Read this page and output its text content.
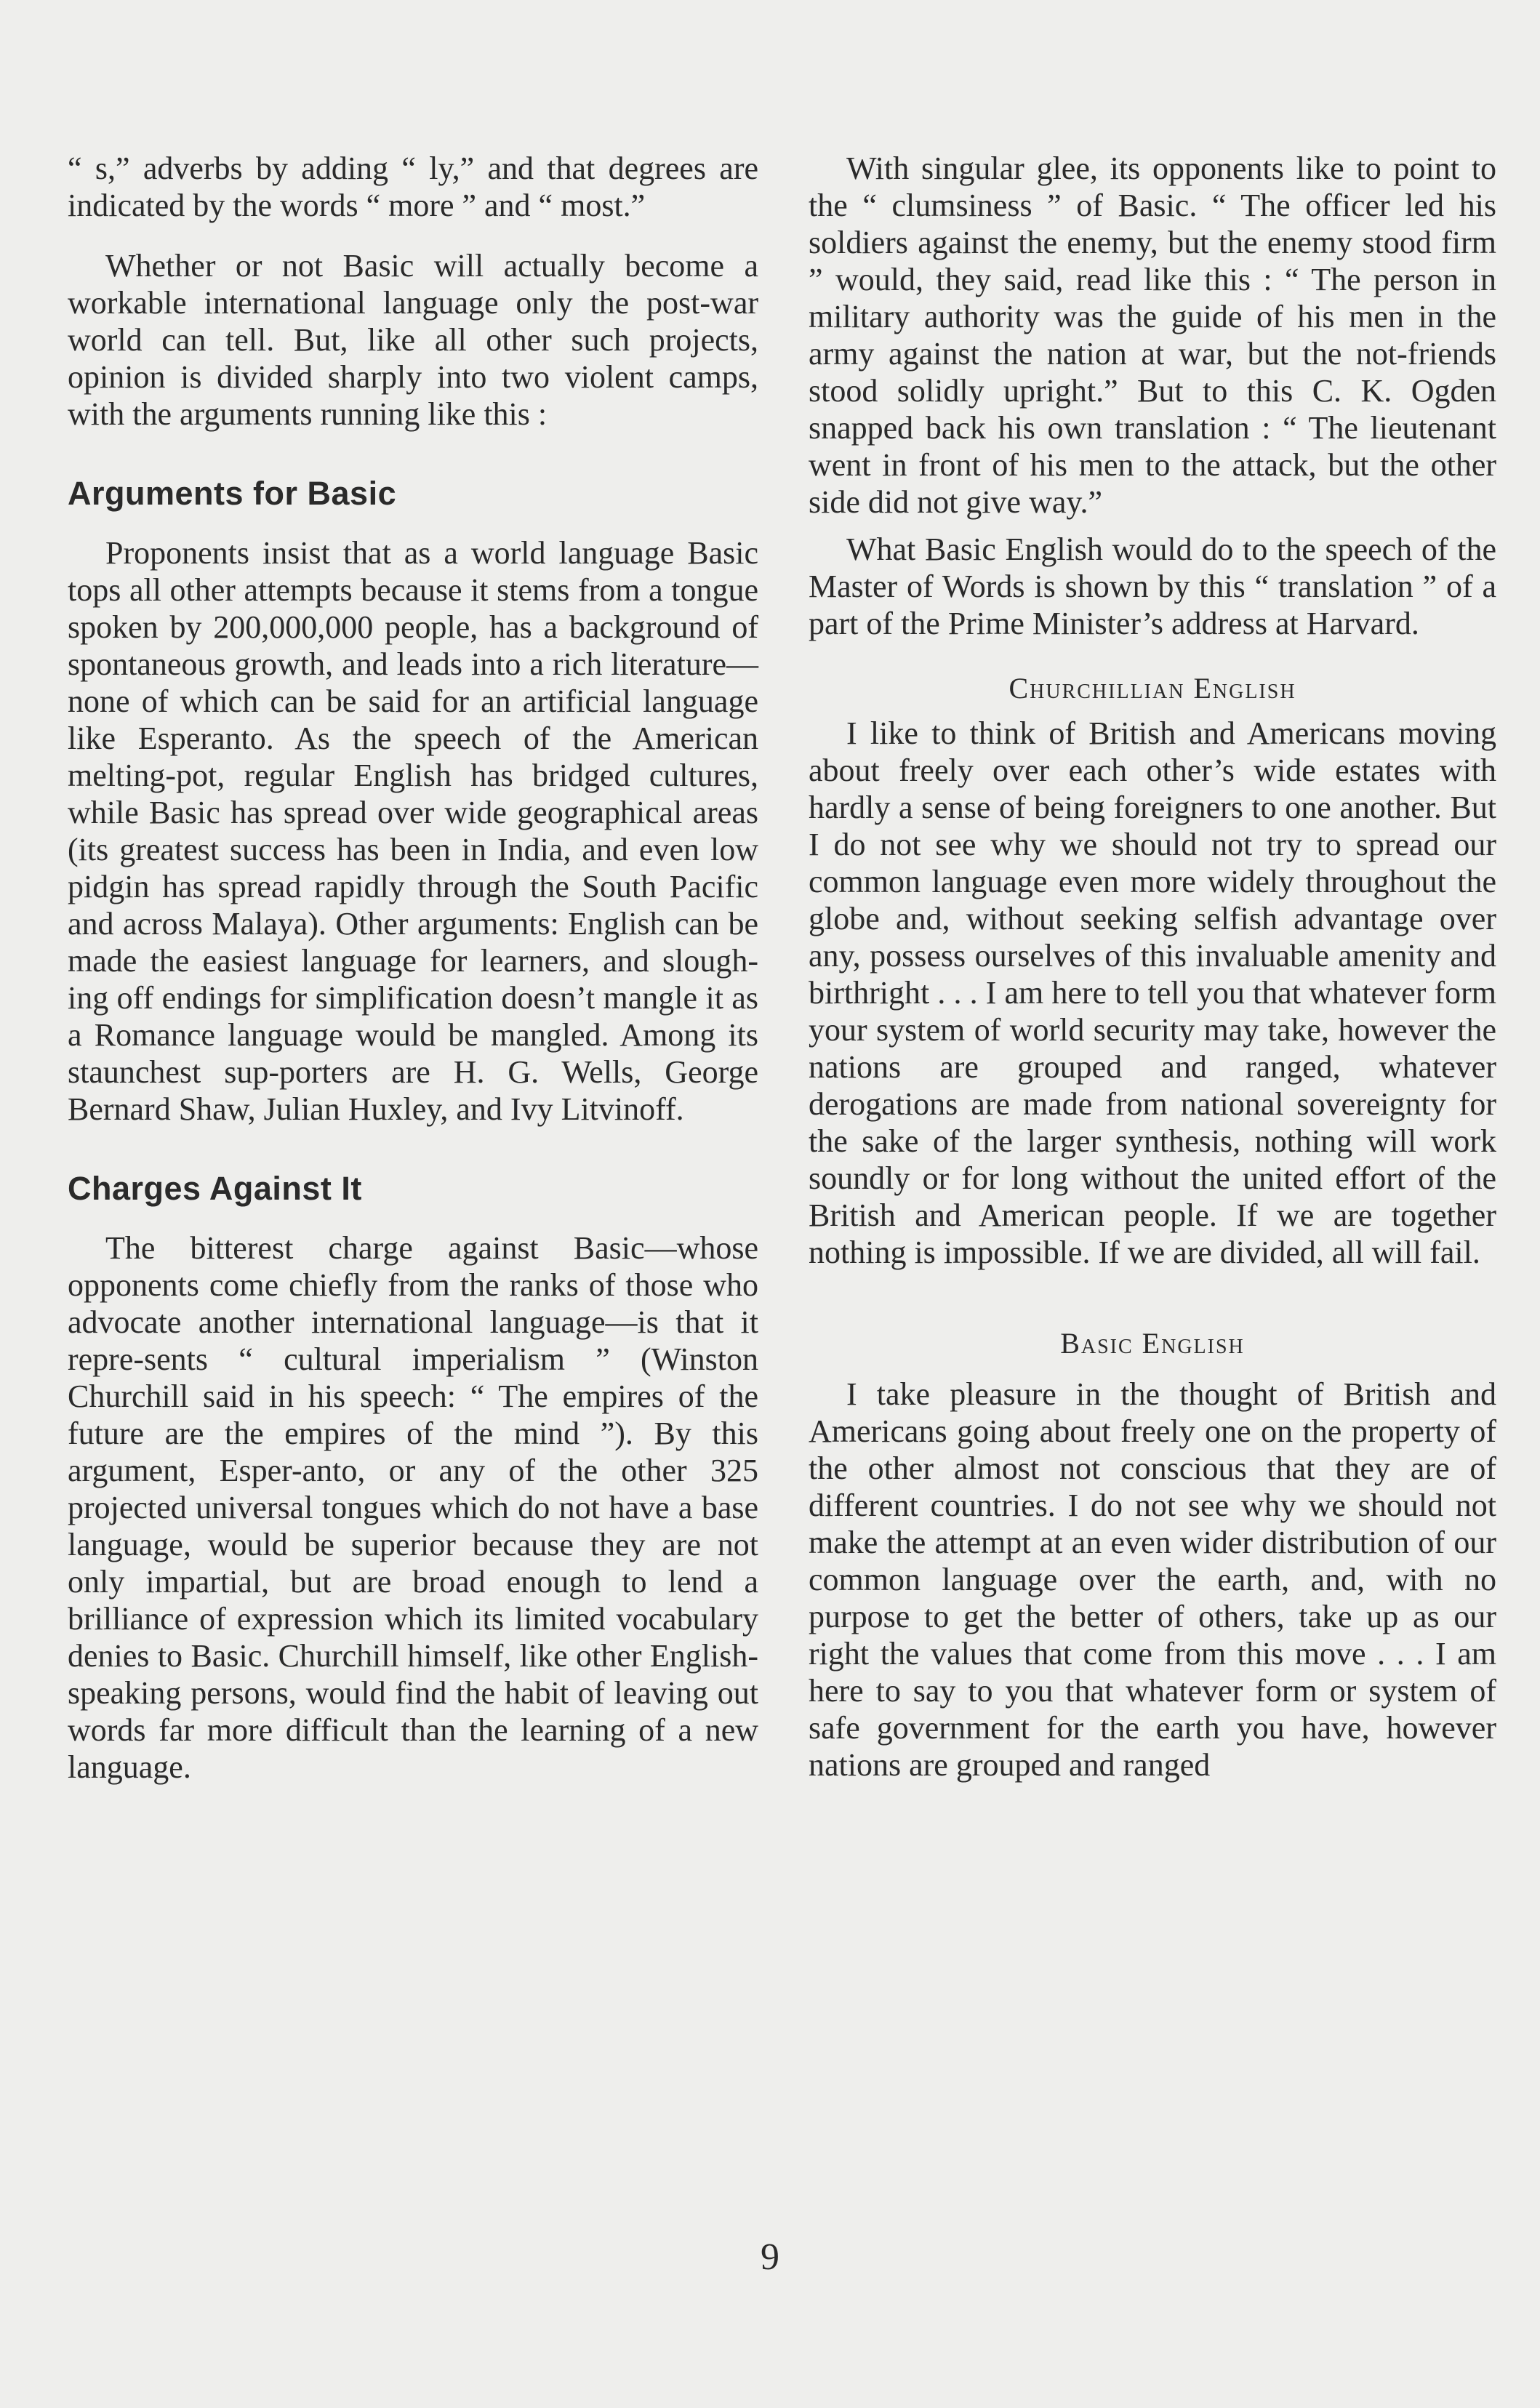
“ s,” adverbs by adding “ ly,” and that degrees are indicated by the words “ more ” and “ most.”

Whether or not Basic will actually become a workable international language only the post-war world can tell. But, like all other such projects, opinion is divided sharply into two violent camps, with the arguments running like this :

Arguments for Basic

Proponents insist that as a world language Basic tops all other attempts because it stems from a tongue spoken by 200,000,000 people, has a background of spontaneous growth, and leads into a rich literature—none of which can be said for an artificial language like Esperanto. As the speech of the American melting-pot, regular English has bridged cultures, while Basic has spread over wide geographical areas (its greatest success has been in India, and even low pidgin has spread rapidly through the South Pacific and across Malaya). Other arguments: English can be made the easiest language for learners, and slough-ing off endings for simplification doesn’t mangle it as a Romance language would be mangled. Among its staunchest sup-porters are H. G. Wells, George Bernard Shaw, Julian Huxley, and Ivy Litvinoff.

Charges Against It

The bitterest charge against Basic—whose opponents come chiefly from the ranks of those who advocate another international language—is that it repre-sents “ cultural imperialism ” (Winston Churchill said in his speech: “ The empires of the future are the empires of the mind ”). By this argument, Esper-anto, or any of the other 325 projected universal tongues which do not have a base language, would be superior because they are not only impartial, but are broad enough to lend a brilliance of expression which its limited vocabulary denies to Basic. Churchill himself, like other English-speaking persons, would find the habit of leaving out words far more difficult than the learning of a new language.

With singular glee, its opponents like to point to the “ clumsiness ” of Basic. “ The officer led his soldiers against the enemy, but the enemy stood firm ” would, they said, read like this : “ The person in military authority was the guide of his men in the army against the nation at war, but the not-friends stood solidly upright.” But to this C. K. Ogden snapped back his own translation : “ The lieutenant went in front of his men to the attack, but the other side did not give way.”

What Basic English would do to the speech of the Master of Words is shown by this “ translation ” of a part of the Prime Minister’s address at Harvard.

Churchillian English

I like to think of British and Americans moving about freely over each other’s wide estates with hardly a sense of being foreigners to one another. But I do not see why we should not try to spread our common language even more widely throughout the globe and, without seeking selfish advantage over any, possess ourselves of this invaluable amenity and birthright . . . I am here to tell you that whatever form your system of world security may take, however the nations are grouped and ranged, whatever derogations are made from national sovereignty for the sake of the larger synthesis, nothing will work soundly or for long without the united effort of the British and American people. If we are together nothing is impossible. If we are divided, all will fail.

Basic English

I take pleasure in the thought of British and Americans going about freely one on the property of the other almost not conscious that they are of different countries. I do not see why we should not make the attempt at an even wider distribution of our common language over the earth, and, with no purpose to get the better of others, take up as our right the values that come from this move . . . I am here to say to you that whatever form or system of safe government for the earth you have, however nations are grouped and ranged

9
